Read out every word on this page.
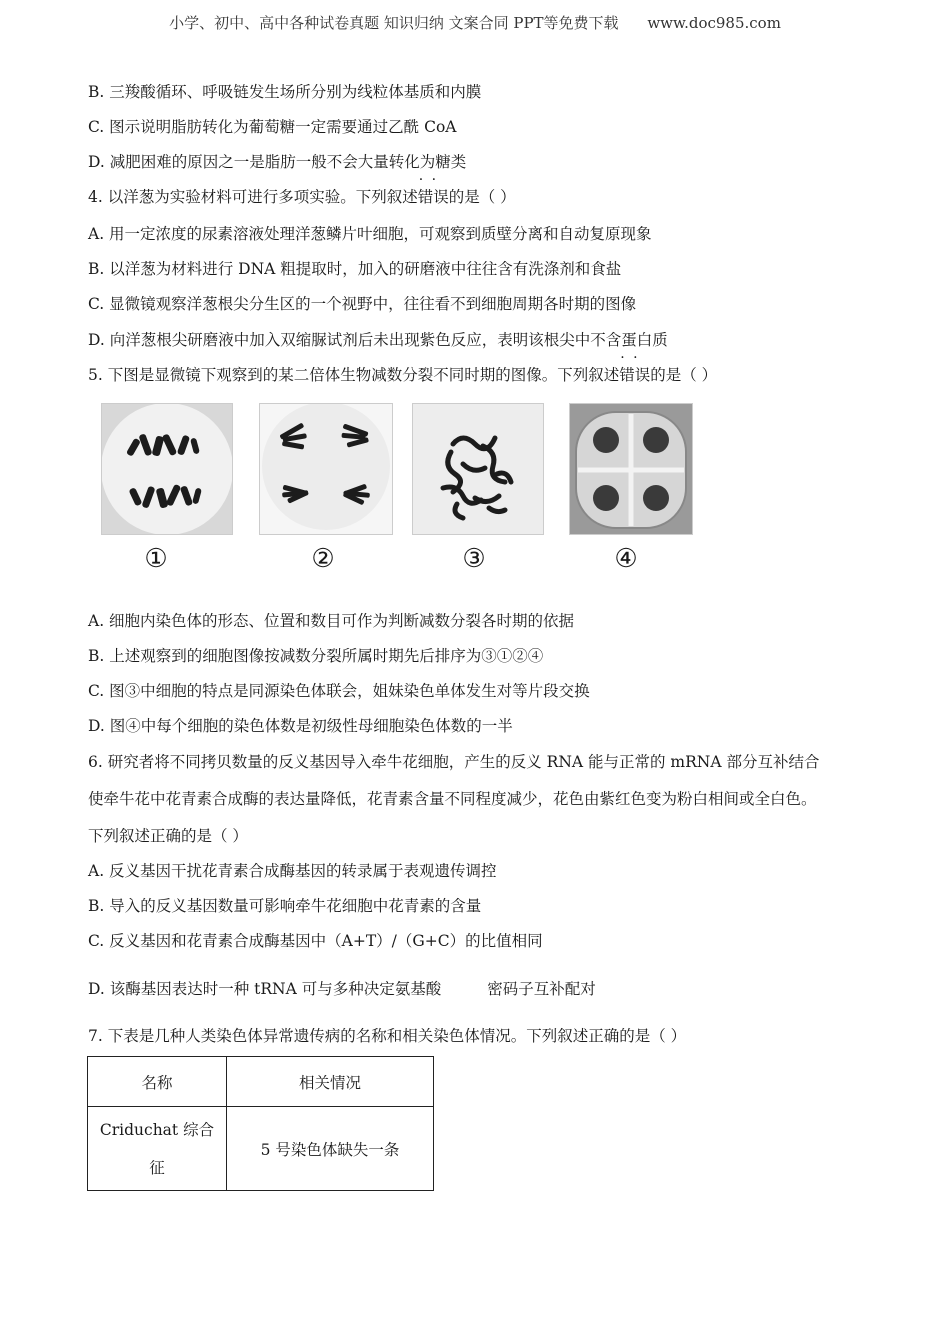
小学、初中、高中各种试卷真题 知识归纳 文案合同 PPT等免费下载 www.doc985.com
B. 三羧酸循环、呼吸链发生场所分别为线粒体基质和内膜
C. 图示说明脂肪转化为葡萄糖一定需要通过乙酰 CoA
D. 减肥困难的原因之一是脂肪一般不会大量转化为糖类
4. 以洋葱为实验材料可进行多项实验。下列叙述· · 错误的是（ ）
A. 用一定浓度的尿素溶液处理洋葱鳞片叶细胞，可观察到质壁分离和自动复原现象
B. 以洋葱为材料进行 DNA 粗提取时，加入的研磨液中往往含有洗涤剂和食盐
C. 显微镜观察洋葱根尖分生区的一个视野中，往往看不到细胞周期各时期的图像
D. 向洋葱根尖研磨液中加入双缩脲试剂后未出现紫色反应，表明该根尖中不含蛋白质
5. 下图是显微镜下观察到的某二倍体生物减数分裂不同时期的图像。下列叙述· · 错误的是（ ）
①	②	③	④
A. 细胞内染色体的形态、位置和数目可作为判断减数分裂各时期的依据
B. 上述观察到的细胞图像按减数分裂所属时期先后排序为③①②④
C. 图③中细胞的特点是同源染色体联会，姐妹染色单体发生对等片段交换
D. 图④中每个细胞的染色体数是初级性母细胞染色体数的一半
6. 研究者将不同拷贝数量的反义基因导入牵牛花细胞，产生的反义 RNA 能与正常的 mRNA 部分互补结合
使牵牛花中花青素合成酶的表达量降低，花青素含量不同程度减少，花色由紫红色变为粉白相间或全白色。
下列叙述正确的是（ ）
A. 反义基因干扰花青素合成酶基因的转录属于表观遗传调控
B. 导入的反义基因数量可影响牵牛花细胞中花青素的含量
C. 反义基因和花青素合成酶基因中（A+T）/（G+C）的比值相同
D. 该酶基因表达时一种 tRNA 可与多种决定氨基酸	密码子互补配对
7. 下表是几种人类染色体异常遗传病的名称和相关染色体情况。下列叙述正确的是（ ）
名称	相关情况
Criduchat 综合
征	5 号染色体缺失一条
